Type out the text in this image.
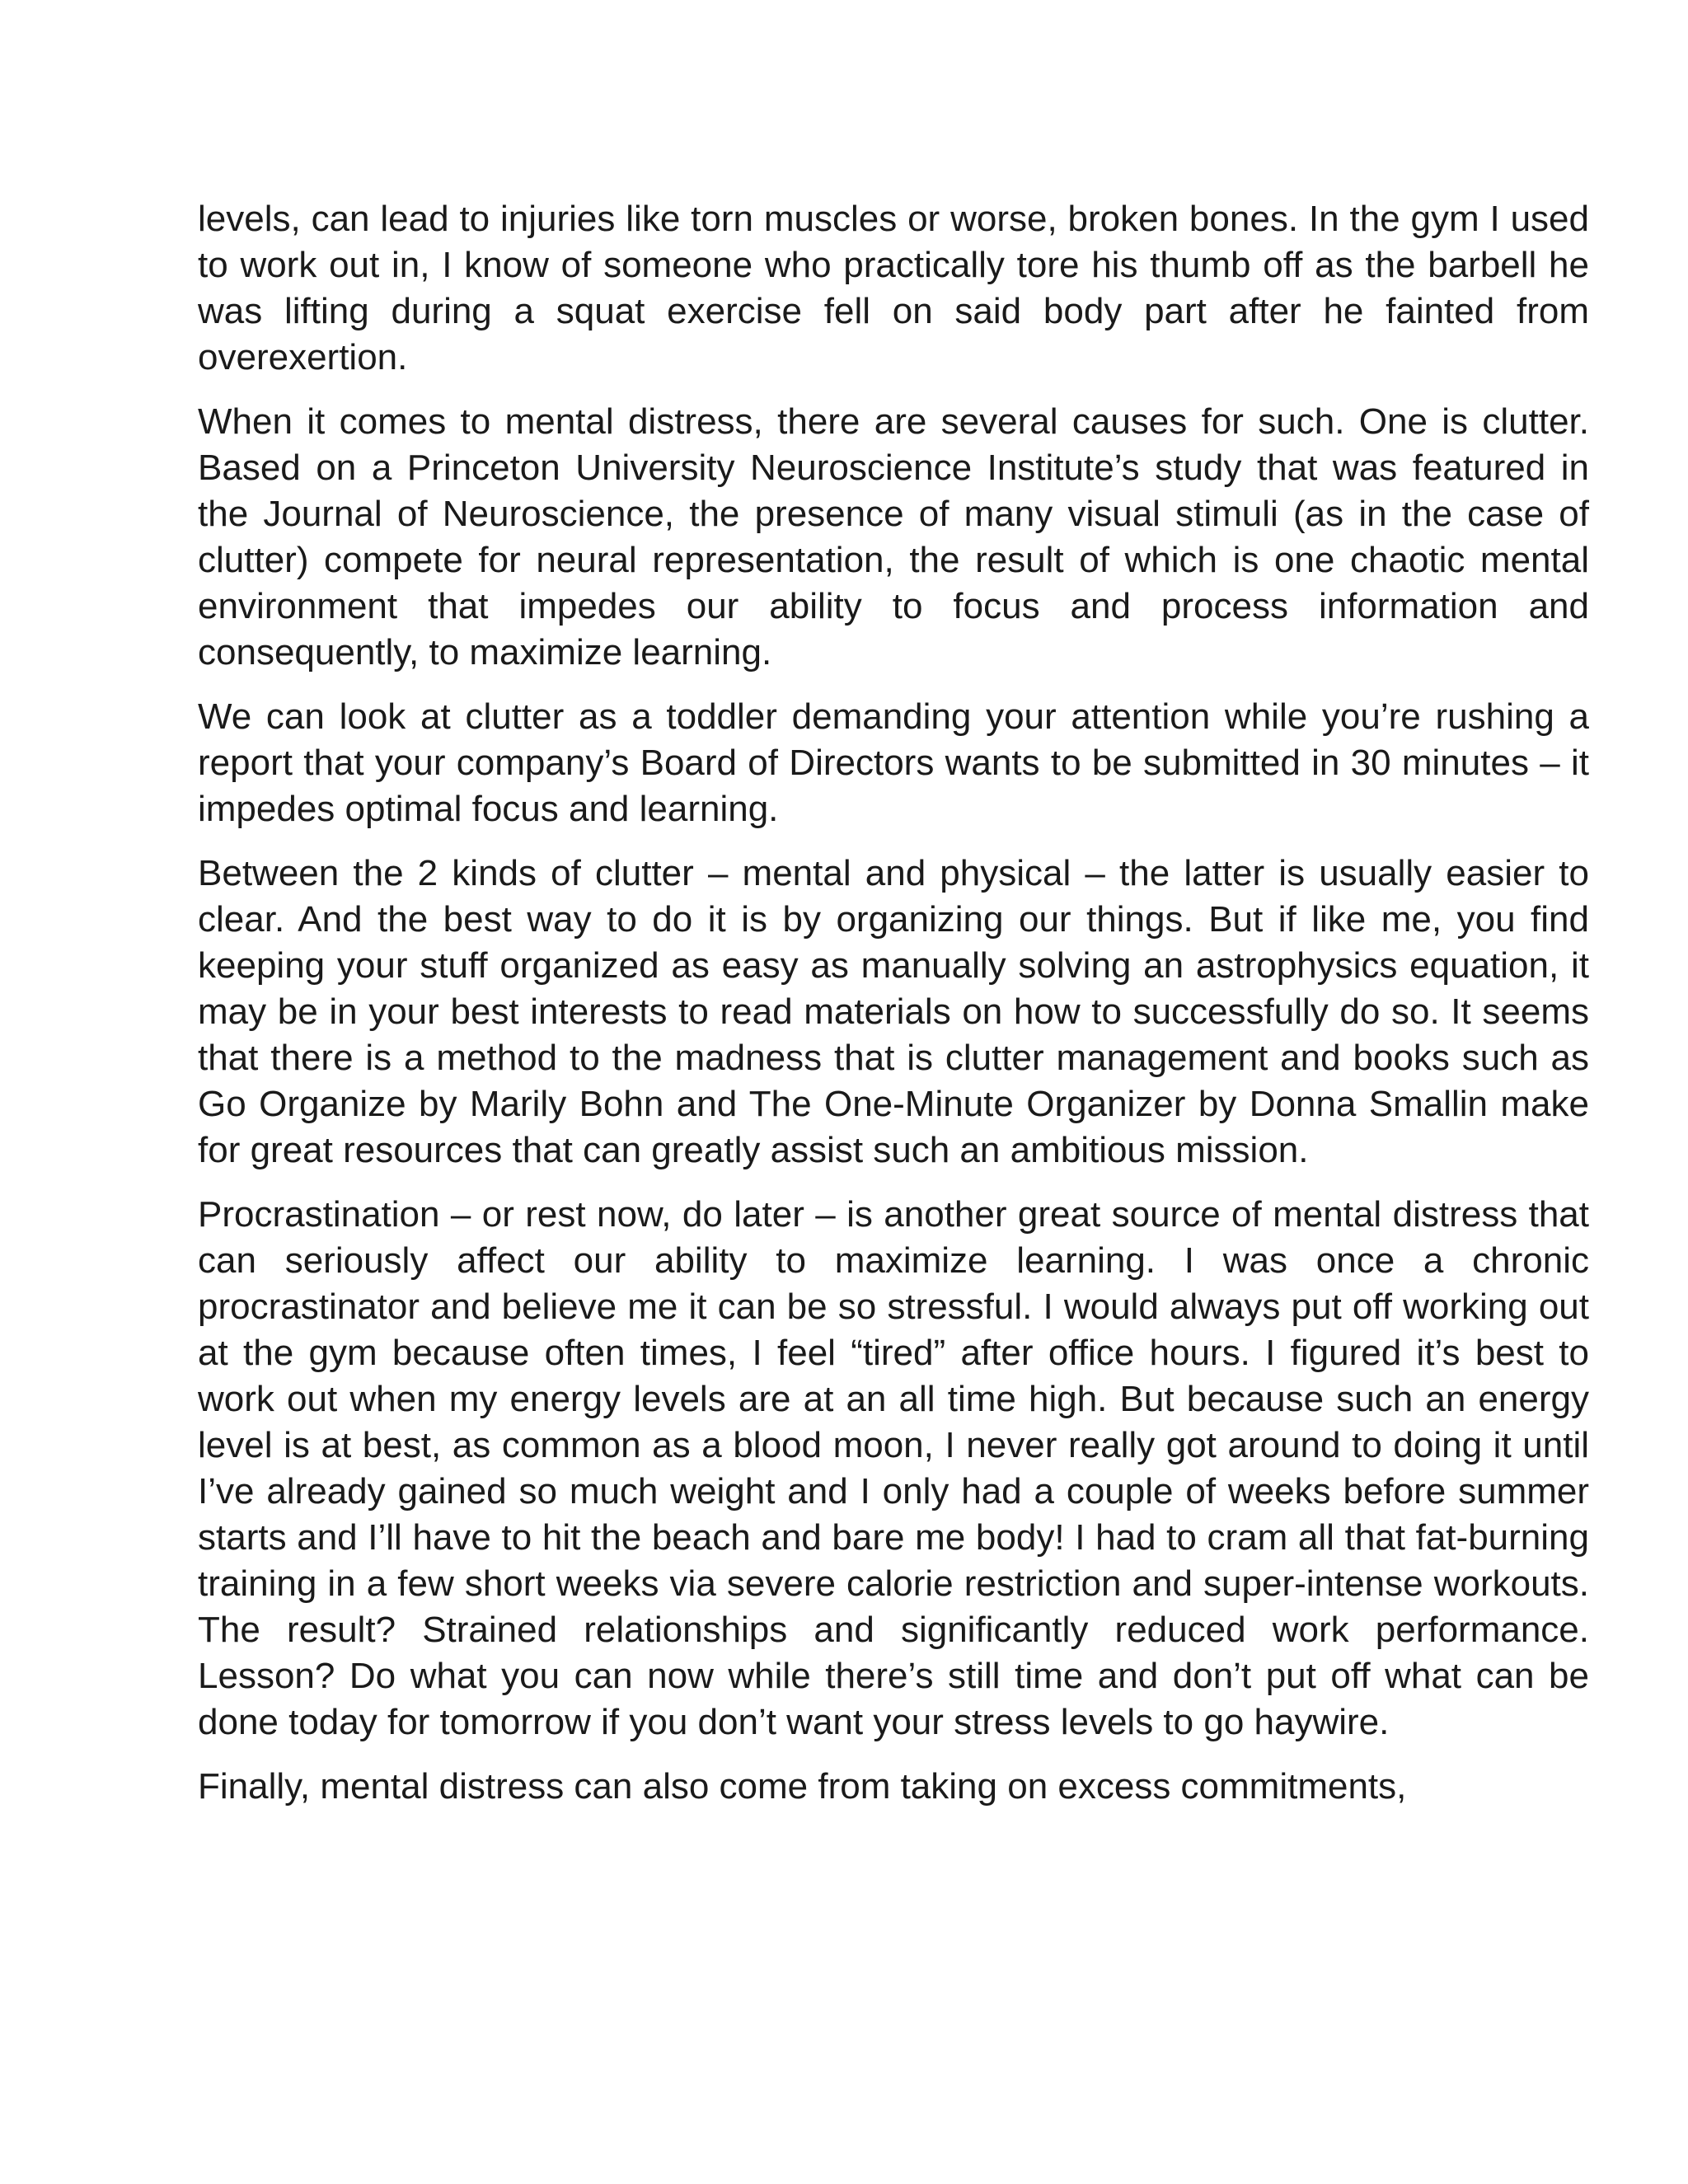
levels, can lead to injuries like torn muscles or worse, broken bones. In the gym I used to work out in, I know of someone who practically tore his thumb off as the barbell he was lifting during a squat exercise fell on said body part after he fainted from overexertion.

When it comes to mental distress, there are several causes for such. One is clutter. Based on a Princeton University Neuroscience Institute’s study that was featured in the Journal of Neuroscience, the presence of many visual stimuli (as in the case of clutter) compete for neural representation, the result of which is one chaotic mental environment that impedes our ability to focus and process information and consequently, to maximize learning.

We can look at clutter as a toddler demanding your attention while you’re rushing a report that your company’s Board of Directors wants to be submitted in 30 minutes – it impedes optimal focus and learning.

Between the 2 kinds of clutter – mental and physical – the latter is usually easier to clear. And the best way to do it is by organizing our things. But if like me, you find keeping your stuff organized as easy as manually solving an astrophysics equation, it may be in your best interests to read materials on how to successfully do so. It seems that there is a method to the madness that is clutter management and books such as Go Organize by Marily Bohn and The One-Minute Organizer by Donna Smallin make for great resources that can greatly assist such an ambitious mission.

Procrastination – or rest now, do later – is another great source of mental distress that can seriously affect our ability to maximize learning. I was once a chronic procrastinator and believe me it can be so stressful. I would always put off working out at the gym because often times, I feel “tired” after office hours. I figured it’s best to work out when my energy levels are at an all time high. But because such an energy level is at best, as common as a blood moon, I never really got around to doing it until I’ve already gained so much weight and I only had a couple of weeks before summer starts and I’ll have to hit the beach and bare me body! I had to cram all that fat-burning training in a few short weeks via severe calorie restriction and super-intense workouts. The result? Strained relationships and significantly reduced work performance. Lesson? Do what you can now while there’s still time and don’t put off what can be done today for tomorrow if you don’t want your stress levels to go haywire.

Finally, mental distress can also come from taking on excess commitments,
